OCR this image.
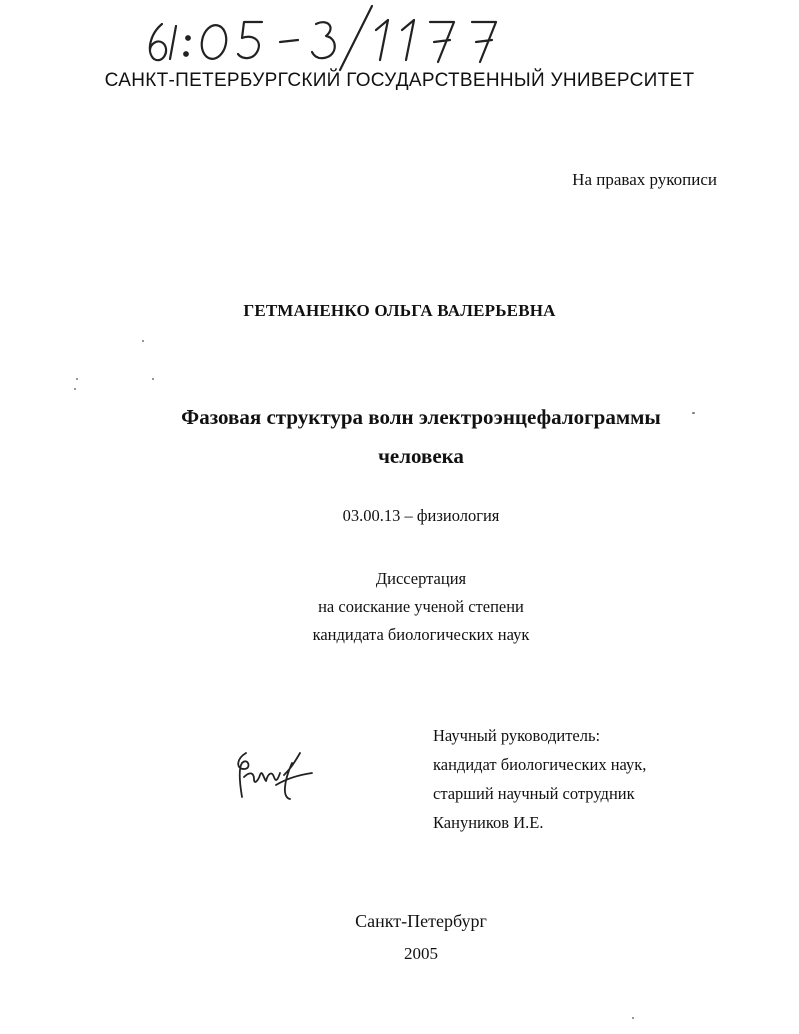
САНКТ-ПЕТЕРБУРГСКИЙ ГОСУДАРСТВЕННЫЙ УНИВЕРСИТЕТ
На правах рукописи
ГЕТМАНЕНКО ОЛЬГА ВАЛЕРЬЕВНА
Фазовая структура волн электроэнцефалограммы
человека
03.00.13 – физиология
Диссертация
на соискание ученой степени
кандидата биологических наук
Научный руководитель:
кандидат биологических наук,
старший научный сотрудник
Кануников И.Е.
Санкт-Петербург
2005
